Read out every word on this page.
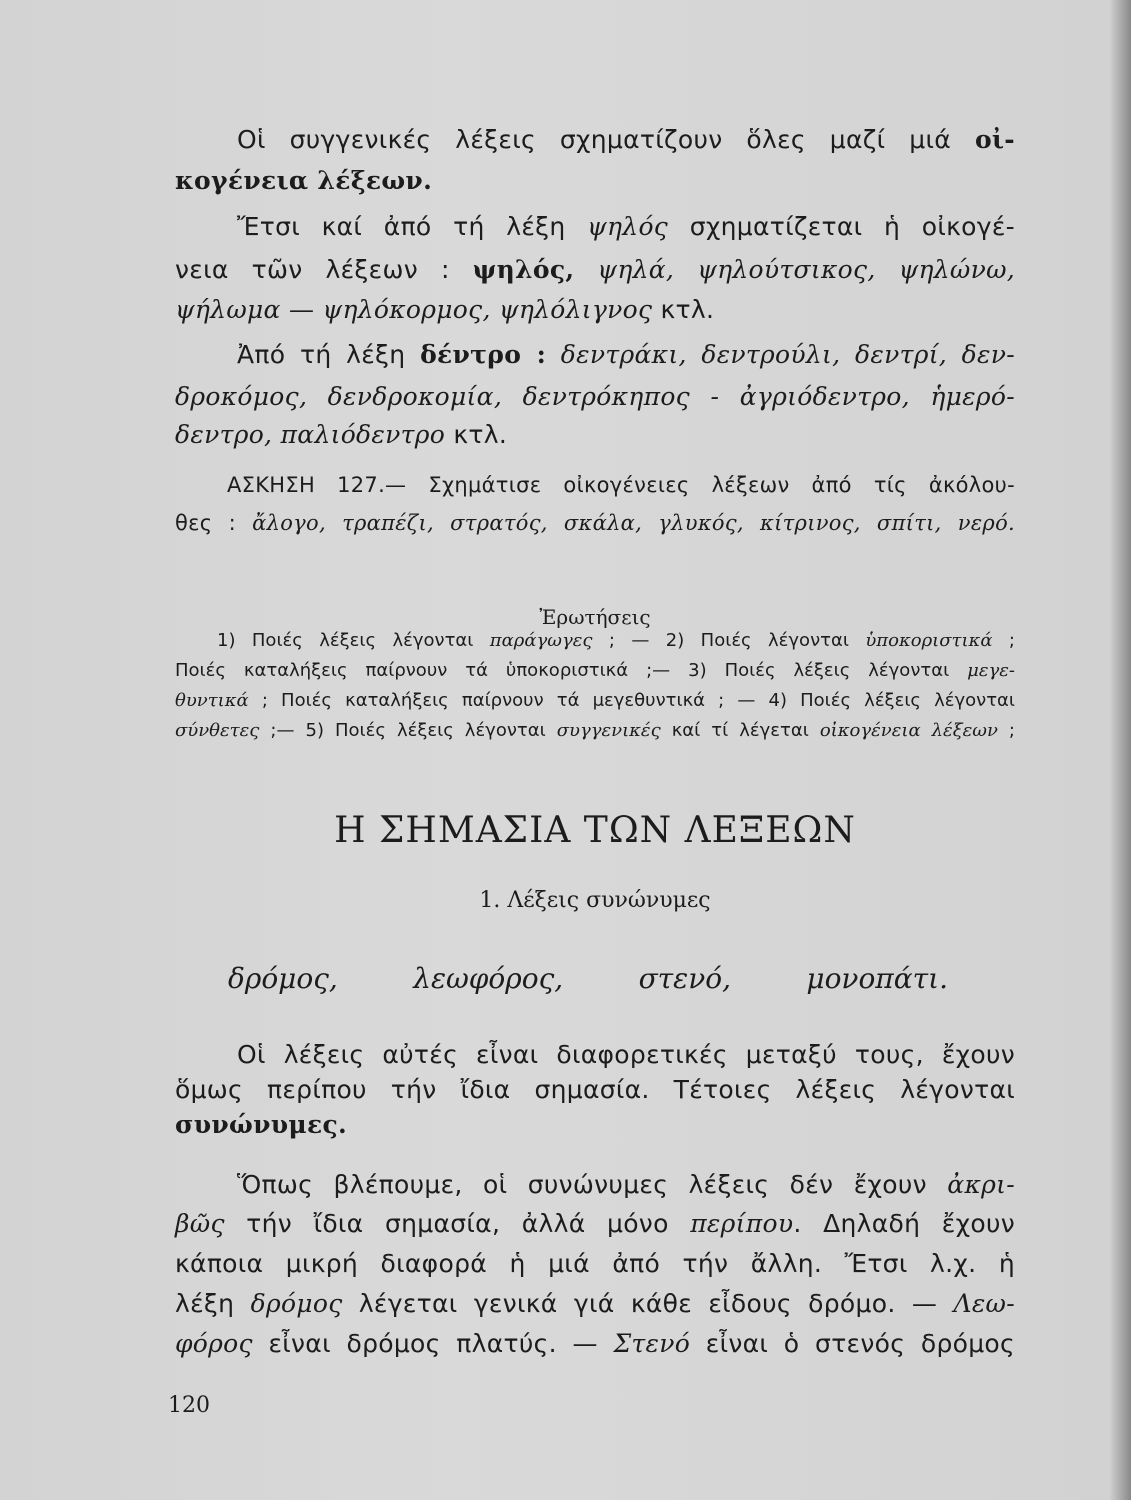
Οἱ συγγενικές λέξεις σχηματίζουν ὅλες μαζί μιά οἰ-
κογένεια λέξεων.
Ἔτσι καί ἀπό τή λέξη ψηλός σχηματίζεται ἡ οἰκογέ-
νεια τῶν λέξεων : ψηλός, ψηλά, ψηλούτσικος, ψηλώνω,
ψήλωμα — ψηλόκορμος, ψηλόλιγνος κτλ.
Ἀπό τή λέξη δέντρο : δεντράκι, δεντρούλι, δεντρί, δεν-
δροκόμος, δενδροκομία, δεντρόκηπος - ἀγριόδεντρο, ἡμερό-
δεντρο, παλιόδεντρο κτλ.
ΑΣΚΗΣΗ 127.— Σχημάτισε οἰκογένειες λέξεων ἀπό τίς ἀκόλου-
θες : ἄλογο, τραπέζι, στρατός, σκάλα, γλυκός, κίτρινος, σπίτι, νερό.
Ἐρωτήσεις
1) Ποιές λέξεις λέγονται παράγωγες ; — 2) Ποιές λέγονται ὑποκοριστικά ;
Ποιές καταλήξεις παίρνουν τά ὑποκοριστικά ;— 3) Ποιές λέξεις λέγονται μεγε-
θυντικά ; Ποιές καταλήξεις παίρνουν τά μεγεθυντικά ; — 4) Ποιές λέξεις λέγονται
σύνθετες ;— 5) Ποιές λέξεις λέγονται συγγενικές καί τί λέγεται οἰκογένεια λέξεων ;
Η ΣΗΜΑΣΙΑ ΤΩΝ ΛΕΞΕΩΝ
1. Λέξεις συνώνυμες
δρόμος,	λεωφόρος,	στενό,	μονοπάτι.
Οἱ λέξεις αὐτές εἶναι διαφορετικές μεταξύ τους, ἔχουν
ὅμως περίπου τήν ἴδια σημασία. Τέτοιες λέξεις λέγονται
συνώνυμες.
Ὅπως βλέπουμε, οἱ συνώνυμες λέξεις δέν ἔχουν ἀκρι-
βῶς τήν ἴδια σημασία, ἀλλά μόνο περίπου. Δηλαδή ἔχουν
κάποια μικρή διαφορά ἡ μιά ἀπό τήν ἄλλη. Ἔτσι λ.χ. ἡ
λέξη δρόμος λέγεται γενικά γιά κάθε εἶδους δρόμο. — Λεω-
φόρος εἶναι δρόμος πλατύς. — Στενό εἶναι ὁ στενός δρόμος
120
